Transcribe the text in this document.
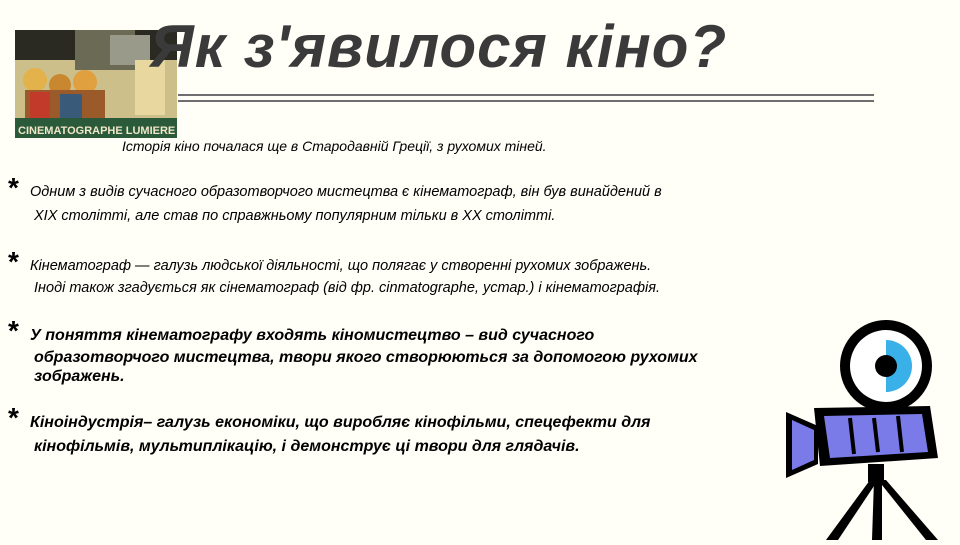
CINEMATOGRAPHE LUMIERE
Як з'явилося кіно?
Історія кіно почалася ще в Стародавній Греції, з рухомих тіней.
* Одним з видів сучасного образотворчого мистецтва є кінематограф, він був винайдений в
XIX столітті, але став по справжньому популярним тільки в XX столітті.
* Кінематограф — галузь людської діяльності, що полягає у створенні рухомих зображень.
Іноді також згадується як сінематограф (від фр. cinmatographe, устар.) і кінематографія.
* У поняття кінематографу входять кіномистецтво – вид сучасного
образотворчого мистецтва, твори якого створюються за допомогою рухомих
зображень.
* Кіноіндустрія– галузь економіки, що виробляє кінофільми, спецефекти для
кінофільмів, мультиплікацію, і демонструє ці твори для глядачів.
